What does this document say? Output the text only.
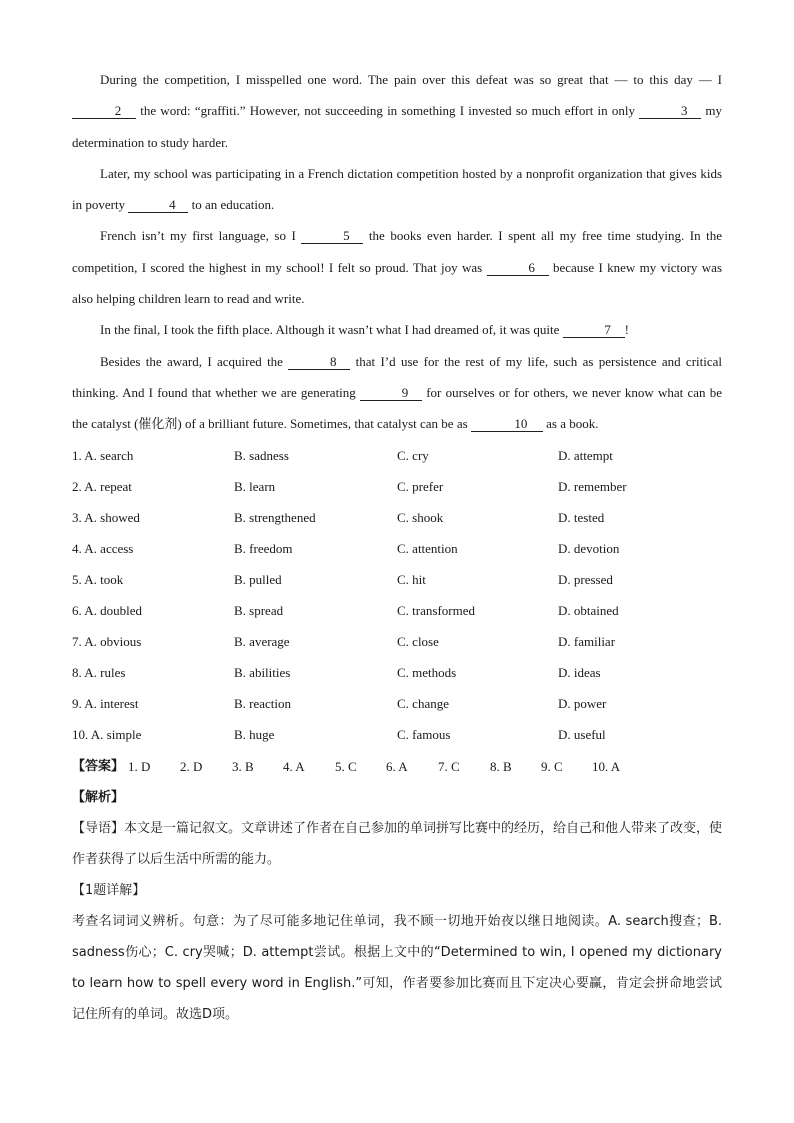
During the competition, I misspelled one word. The pain over this defeat was so great that — to this day — I 2 the word: “graffiti.” However, not succeeding in something I invested so much effort in only	3 my determination to study harder.

Later, my school was participating in a French dictation competition hosted by a nonprofit organization that gives kids in poverty	4 to an education.

French isn’t my first language, so I	5 the books even harder. I spent all my free time studying. In the competition, I scored the highest in my school! I felt so proud. That joy was	6 because I knew my victory was also helping children learn to read and write.

In the final, I took the fifth place. Although it wasn’t what I had dreamed of, it was quite	7 !

Besides the award, I acquired the	8 that I’d use for the rest of my life, such as persistence and critical thinking. And I found that whether we are generating	9 for ourselves or for others, we never know what can be the catalyst (催化剂) of a brilliant future. Sometimes, that catalyst can be as	10 as a book.

1. A. search	B. sadness	C. cry	D. attempt
2. A. repeat	B. learn	C. prefer	D. remember
3. A. showed	B. strengthened	C. shook	D. tested
4. A. access	B. freedom	C. attention	D. devotion
5. A. took	B. pulled	C. hit	D. pressed
6. A. doubled	B. spread	C. transformed	D. obtained
7. A. obvious	B. average	C. close	D. familiar
8. A. rules	B. abilities	C. methods	D. ideas
9. A. interest	B. reaction	C. change	D. power
10. A. simple	B. huge	C. famous	D. useful
【答案】 1. D	2. D	3. B	4. A	5. C	6. A	7. C	8. B	9. C	10. A

【解析】

【导语】本文是一篇记叙文。文章讲述了作者在自己参加的单词拼写比赛中的经历，给自己和他人带来了改变，使作者获得了以后生活中所需的能力。

【1题详解】

考查名词词义辨析。句意：为了尽可能多地记住单词，我不顾一切地开始夜以继日地阅读。A. search搜查；B. sadness伤心；C. cry哭喊；D. attempt尝试。根据上文中的“Determined to win, I opened my dictionary to learn how to spell every word in English.”可知，作者要参加比赛而且下定决心要赢，肯定会拼命地尝试记住所有的单词。故选D项。
